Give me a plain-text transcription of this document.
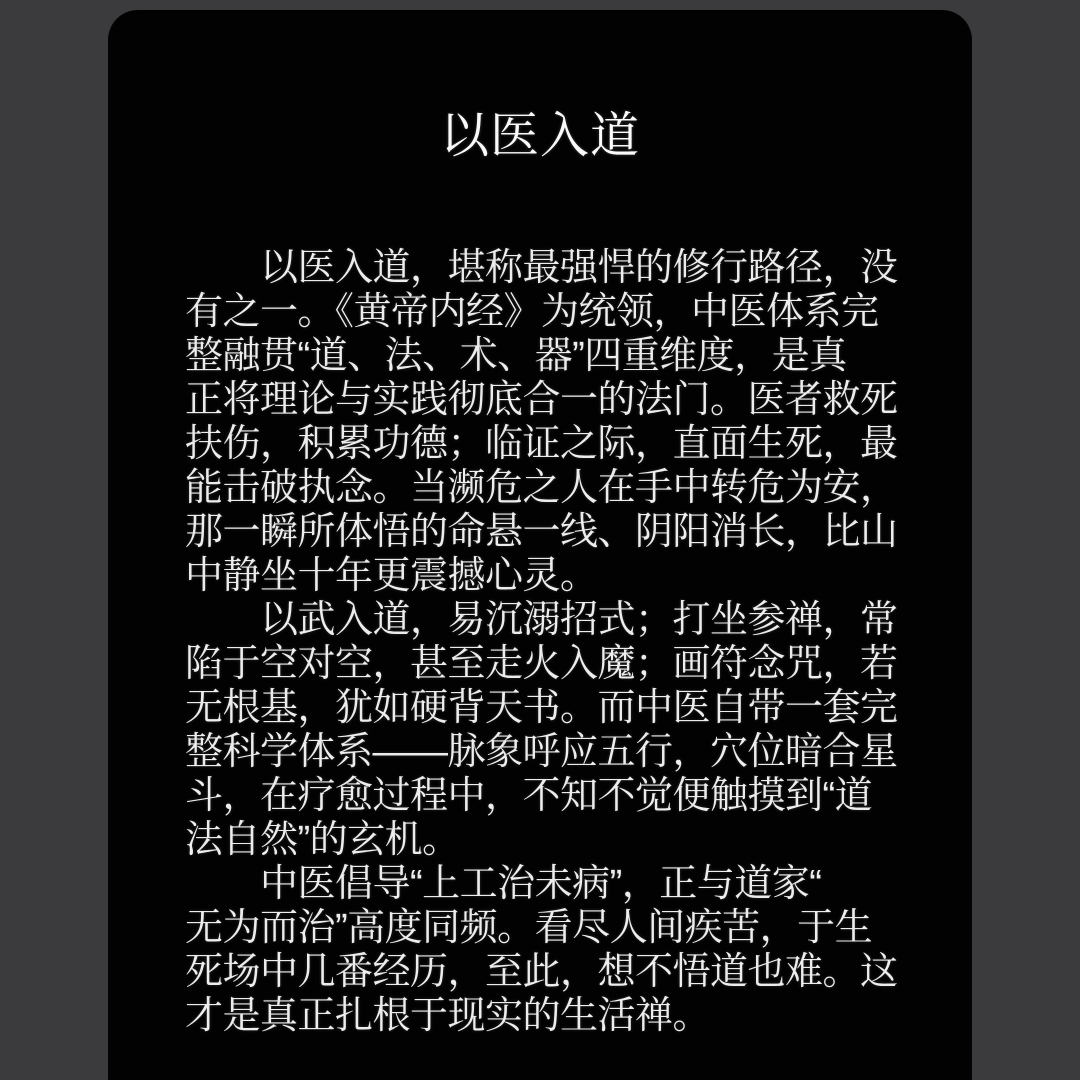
以医入道
　　以医入道，堪称最强悍的修行路径，没
有之一。《黄帝内经》为统领，中医体系完
整融贯“道、法、术、器”四重维度，是真
正将理论与实践彻底合一的法门。医者救死
扶伤，积累功德；临证之际，直面生死，最
能击破执念。当濒危之人在手中转危为安，
那一瞬所体悟的命悬一线、阴阳消长，比山
中静坐十年更震撼心灵。
　　以武入道，易沉溺招式；打坐参禅，常
陷于空对空，甚至走火入魔；画符念咒，若
无根基，犹如硬背天书。而中医自带一套完
整科学体系——脉象呼应五行，穴位暗合星
斗，在疗愈过程中，不知不觉便触摸到“道
法自然”的玄机。
　　中医倡导“上工治未病”，正与道家“
无为而治”高度同频。看尽人间疾苦，于生
死场中几番经历，至此，想不悟道也难。这
才是真正扎根于现实的生活禅。
